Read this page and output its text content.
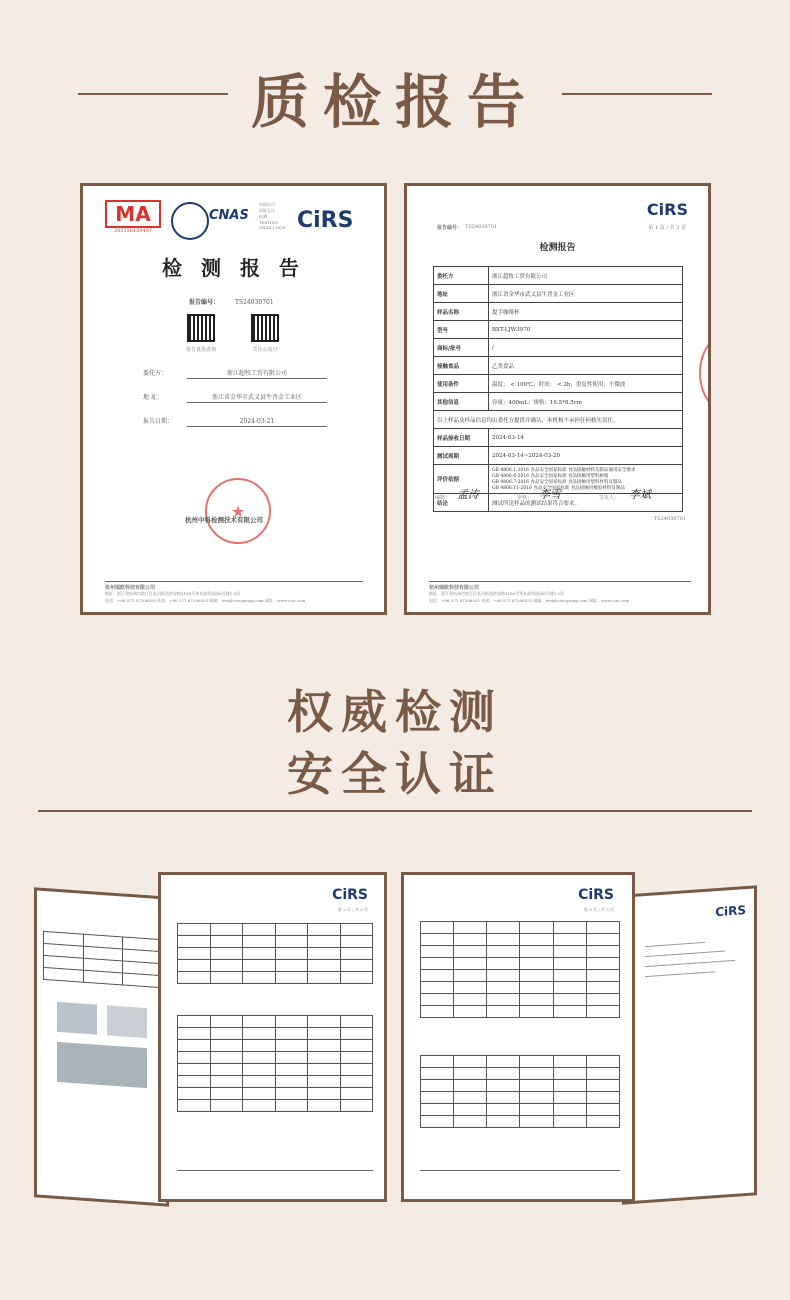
质检报告
MA
203150130457
CNAS
中国认可
国际互认
检测
TESTING
CNAS L7629 CiRS
检 测 报 告
报告编号：	TS24030701
报告真伪查询	关注公众号
委托方：	浙江超牧工贸有限公司
地 址：	浙江省金华市武义县牛背金工业区
报告日期：	2024-03-21
★
杭州中科检测技术有限公司
杭州瑞欧科技有限公司
地址：浙江省杭州市滨江区长河街道滨安路1180号华业高科技园6号楼1-2层
电话：+86 571 87206555 传真：+86 571 87206533 邮箱：test@cirs-group.com 网址：www.cirs.com
CiRS
报告编号： TS24030701	第 1 页 / 共 3 页
检测报告
委托方	浙江超牧工贸有限公司
地址	浙江省金华市武义县牛背金工业区
样品名称	提手咖啡杯
型号	BXT-LJW3970
商标/批号	/
接触食品	乙类食品
使用条件	温度： < 100℃；时间： < 2h；重复性使用；不微波
其他信息	容量：400mL；规格：16.5*8.5cm
以上样品及样品信息均由委托方提供并确认，本机构不承担任何核实责任。	
样品接收日期	2024-03-14
测试周期	2024-03-14~2024-03-20
评价依据	GB 4806.1-2016 食品安全国家标准 食品接触材料及制品通用安全要求
GB 4806.6-2016 食品安全国家标准 食品接触用塑料树脂
GB 4806.7-2016 食品安全国家标准 食品接触用塑料材料及制品
GB 4806.11-2016 食品安全国家标准 食品接触用橡胶材料及制品
结论	测试所送样品的测试结果符合要求。
编制： 孟涛	审核： 李雪	签发人： 李斌
TS24030701
杭州瑞欧科技有限公司
地址：浙江省杭州市滨江区长河街道滨安路1180号华业高科技园6号楼1-2层
电话：+86 571 87206555 传真：+86 571 87206533 邮箱：test@cirs-group.com 网址：www.cirs.com
权威检测
安全认证

CiRS
CiRS
第 2 页 / 共 3 页

CiRS
第 3 页 / 共 3 页
